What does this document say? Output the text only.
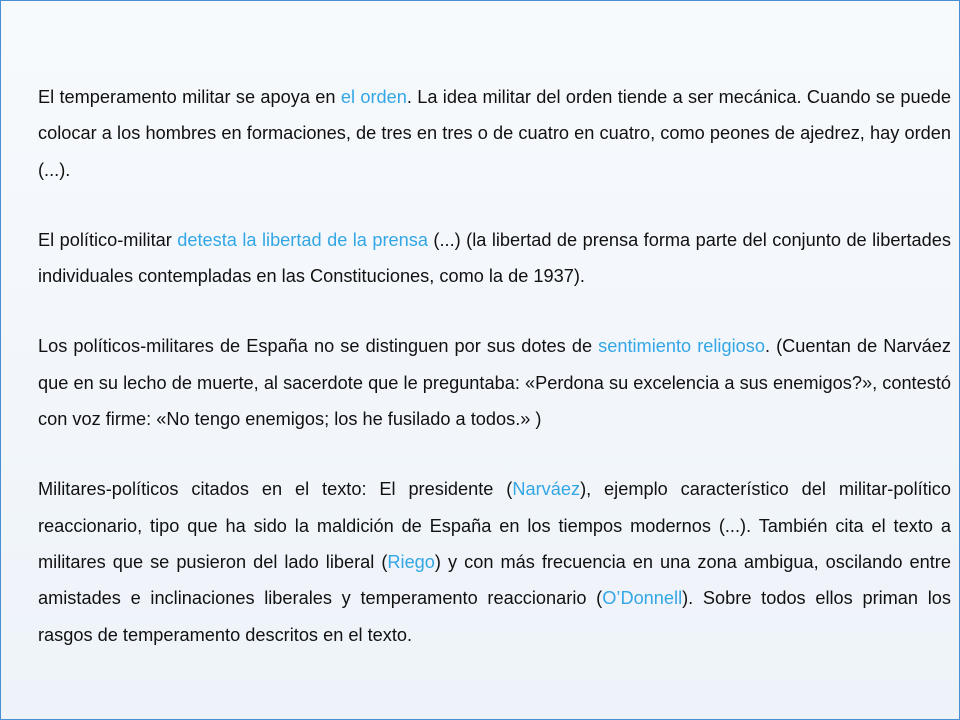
El temperamento militar se apoya en el orden. La idea militar del orden tiende a ser mecánica. Cuando se puede colocar a los hombres en formaciones, de tres en tres o de cuatro en cuatro, como peones de ajedrez, hay orden (...).

El político-militar detesta la libertad de la prensa (...) (la libertad de prensa forma parte del conjunto de libertades individuales contempladas en las Constituciones, como la de 1937).

Los políticos-militares de España no se distinguen por sus dotes de sentimiento religioso. (Cuentan de Narváez que en su lecho de muerte, al sacerdote que le preguntaba: «Perdona su excelencia a sus enemigos?», contestó con voz firme: «No tengo enemigos; los he fusilado a todos.» )

Militares-políticos citados en el texto: El presidente (Narváez), ejemplo característico del militar-político reaccionario, tipo que ha sido la maldición de España en los tiempos modernos (...). También cita el texto a militares que se pusieron del lado liberal (Riego) y con más frecuencia en una zona ambigua, oscilando entre amistades e inclinaciones liberales y temperamento reaccionario (O’Donnell). Sobre todos ellos priman los rasgos de temperamento descritos en el texto.
